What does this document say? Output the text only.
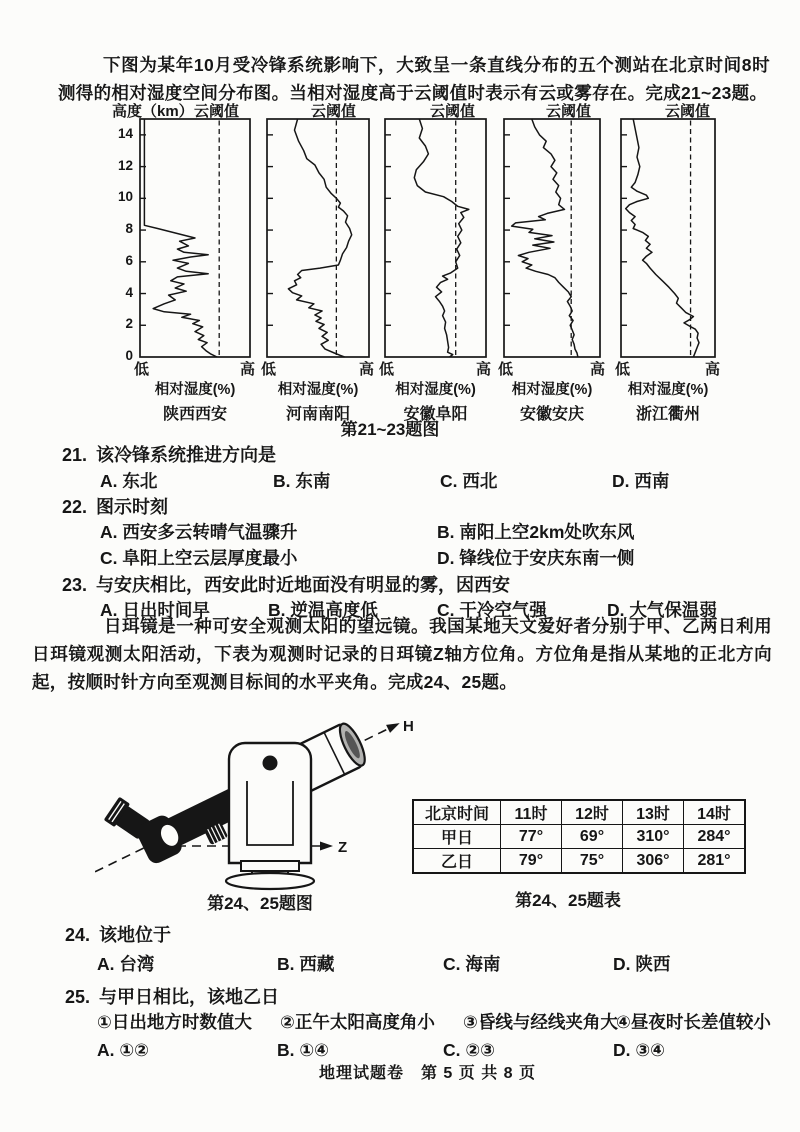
下图为某年10月受冷锋系统影响下，大致呈一条直线分布的五个测站在北京时间8时测得的相对湿度空间分布图。当相对湿度高于云阈值时表示有云或雾存在。完成21~23题。
高度（km） 云阈值
低	高
相对湿度(%)
陕西西安
0
2
4
6
8
10
12
14
云阈值
低	高
相对湿度(%)
河南南阳
云阈值
低	高
相对湿度(%)
安徽阜阳
云阈值
低	高
相对湿度(%)
安徽安庆
云阈值
低	高
相对湿度(%)
浙江衢州
第21~23题图
21. 该冷锋系统推进方向是
A. 东北	B. 东南	C. 西北	D. 西南
22. 图示时刻
A. 西安多云转晴气温骤升	B. 南阳上空2km处吹东风
C. 阜阳上空云层厚度最小	D. 锋线位于安庆东南一侧
23. 与安庆相比，西安此时近地面没有明显的雾，因西安
A. 日出时间早	B. 逆温高度低	C. 干冷空气强	D. 大气保温弱
日珥镜是一种可安全观测太阳的望远镜。我国某地天文爱好者分别于甲、乙两日利用日珥镜观测太阳活动，下表为观测时记录的日珥镜Z轴方位角。方位角是指从某地的正北方向起，按顺时针方向至观测目标间的水平夹角。完成24、25题。
H
Z
第24、25题图
北京时间	11时	12时	13时	14时
甲日	77°	69°	310°	284°
乙日	79°	75°	306°	281°
第24、25题表
24. 该地位于
A. 台湾	B. 西藏	C. 海南	D. 陕西
25. 与甲日相比，该地乙日
①日出地方时数值大 ②正午太阳高度角小 ③昏线与经线夹角大
④昼夜时长差值较小
A. ①②	B. ①④	C. ②③	D. ③④
地理试题卷　第 5 页 共 8 页
